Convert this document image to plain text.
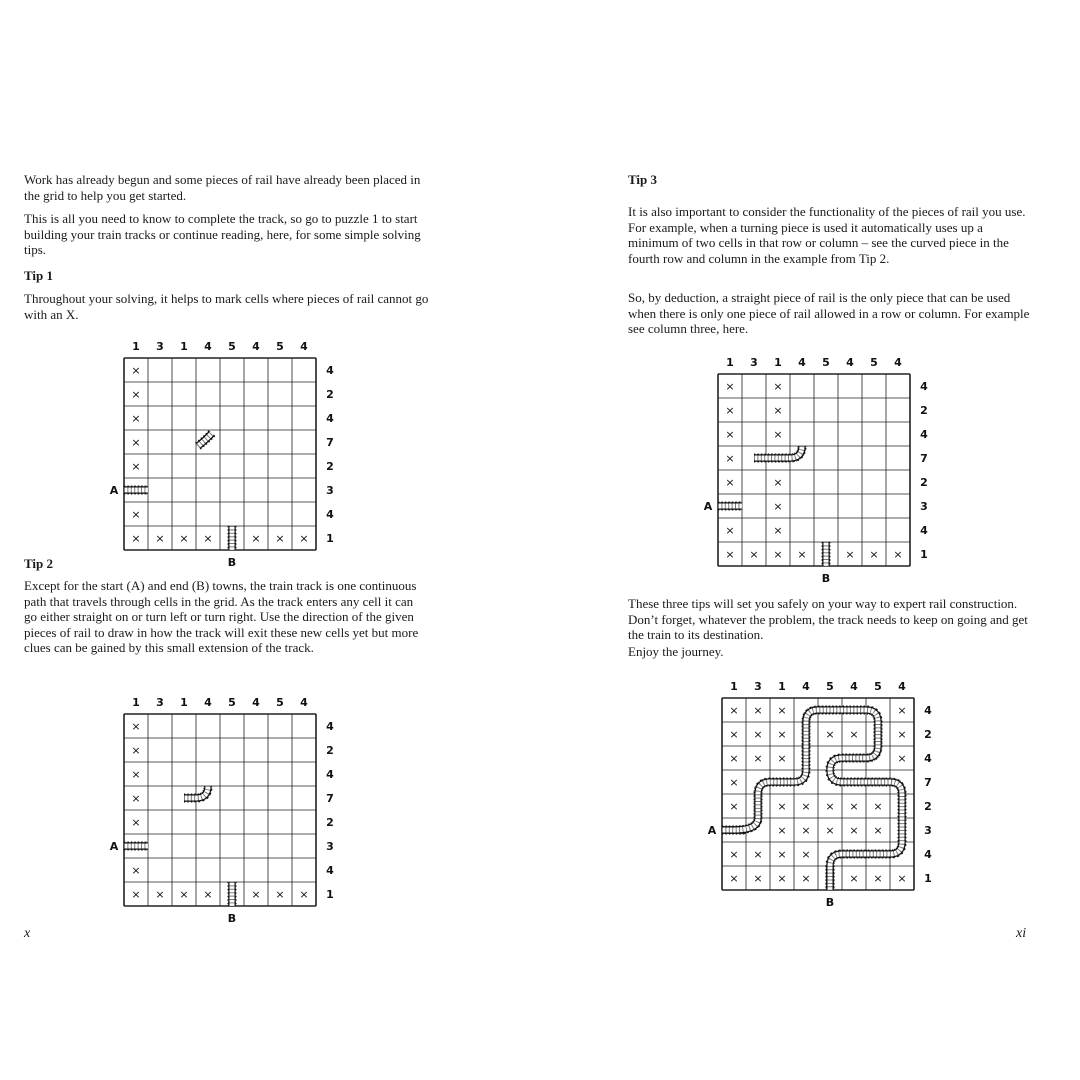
Work has already begun and some pieces of rail have already been placed in the grid to help you get started.

This is all you need to know to complete the track, so go to puzzle 1 to start building your train tracks or continue reading, here, for some simple solving tips.

Tip 1

Throughout your solving, it helps to mark cells where pieces of rail cannot go with an X.

1 3 1 4 5 4 5 4
4
2
4
7
2
3
4
1
×
×
×
×
×
×
× × × ×	× × ×
A
B
Tip 2

Except for the start (A) and end (B) towns, the train track is one continuous path that travels through cells in the grid. As the track enters any cell it can go either straight on or turn left or turn right. Use the direction of the given pieces of rail to draw in how the track will exit these new cells yet but more clues can be gained by this small extension of the track.

1 3 1 4 5 4 5 4
4
2
4
7
2
3
4
1
×
×
×
×
×
×
× × × ×	× × ×
A
B
x
Tip 3

It is also important to consider the functionality of the pieces of rail you use. For example, when a turning piece is used it automatically uses up a minimum of two cells in that row or column – see the curved piece in the fourth row and column in the example from Tip 2.

So, by deduction, a straight piece of rail is the only piece that can be used when there is only one piece of rail allowed in a row or column. For example see column three, here.

1 3 1 4 5 4 5 4
4
2
4
7
2
3
4
1
×
×
×
×
×
×
×
×
×
×
×
×
×
× × ×	× × ×
A
B

These three tips will set you safely on your way to expert rail construction. Don’t forget, whatever the problem, the track needs to keep on going and get the train to its destination.

Enjoy the journey.

1 3 1 4 5 4 5 4
4
2
4
7
2
3
4
1
× × ×	×
× × ×	× ×	×
× × ×	×
×
×	× × × × ×
× × × × ×
× × × ×
× × × ×	× × ×
A
B
xi
